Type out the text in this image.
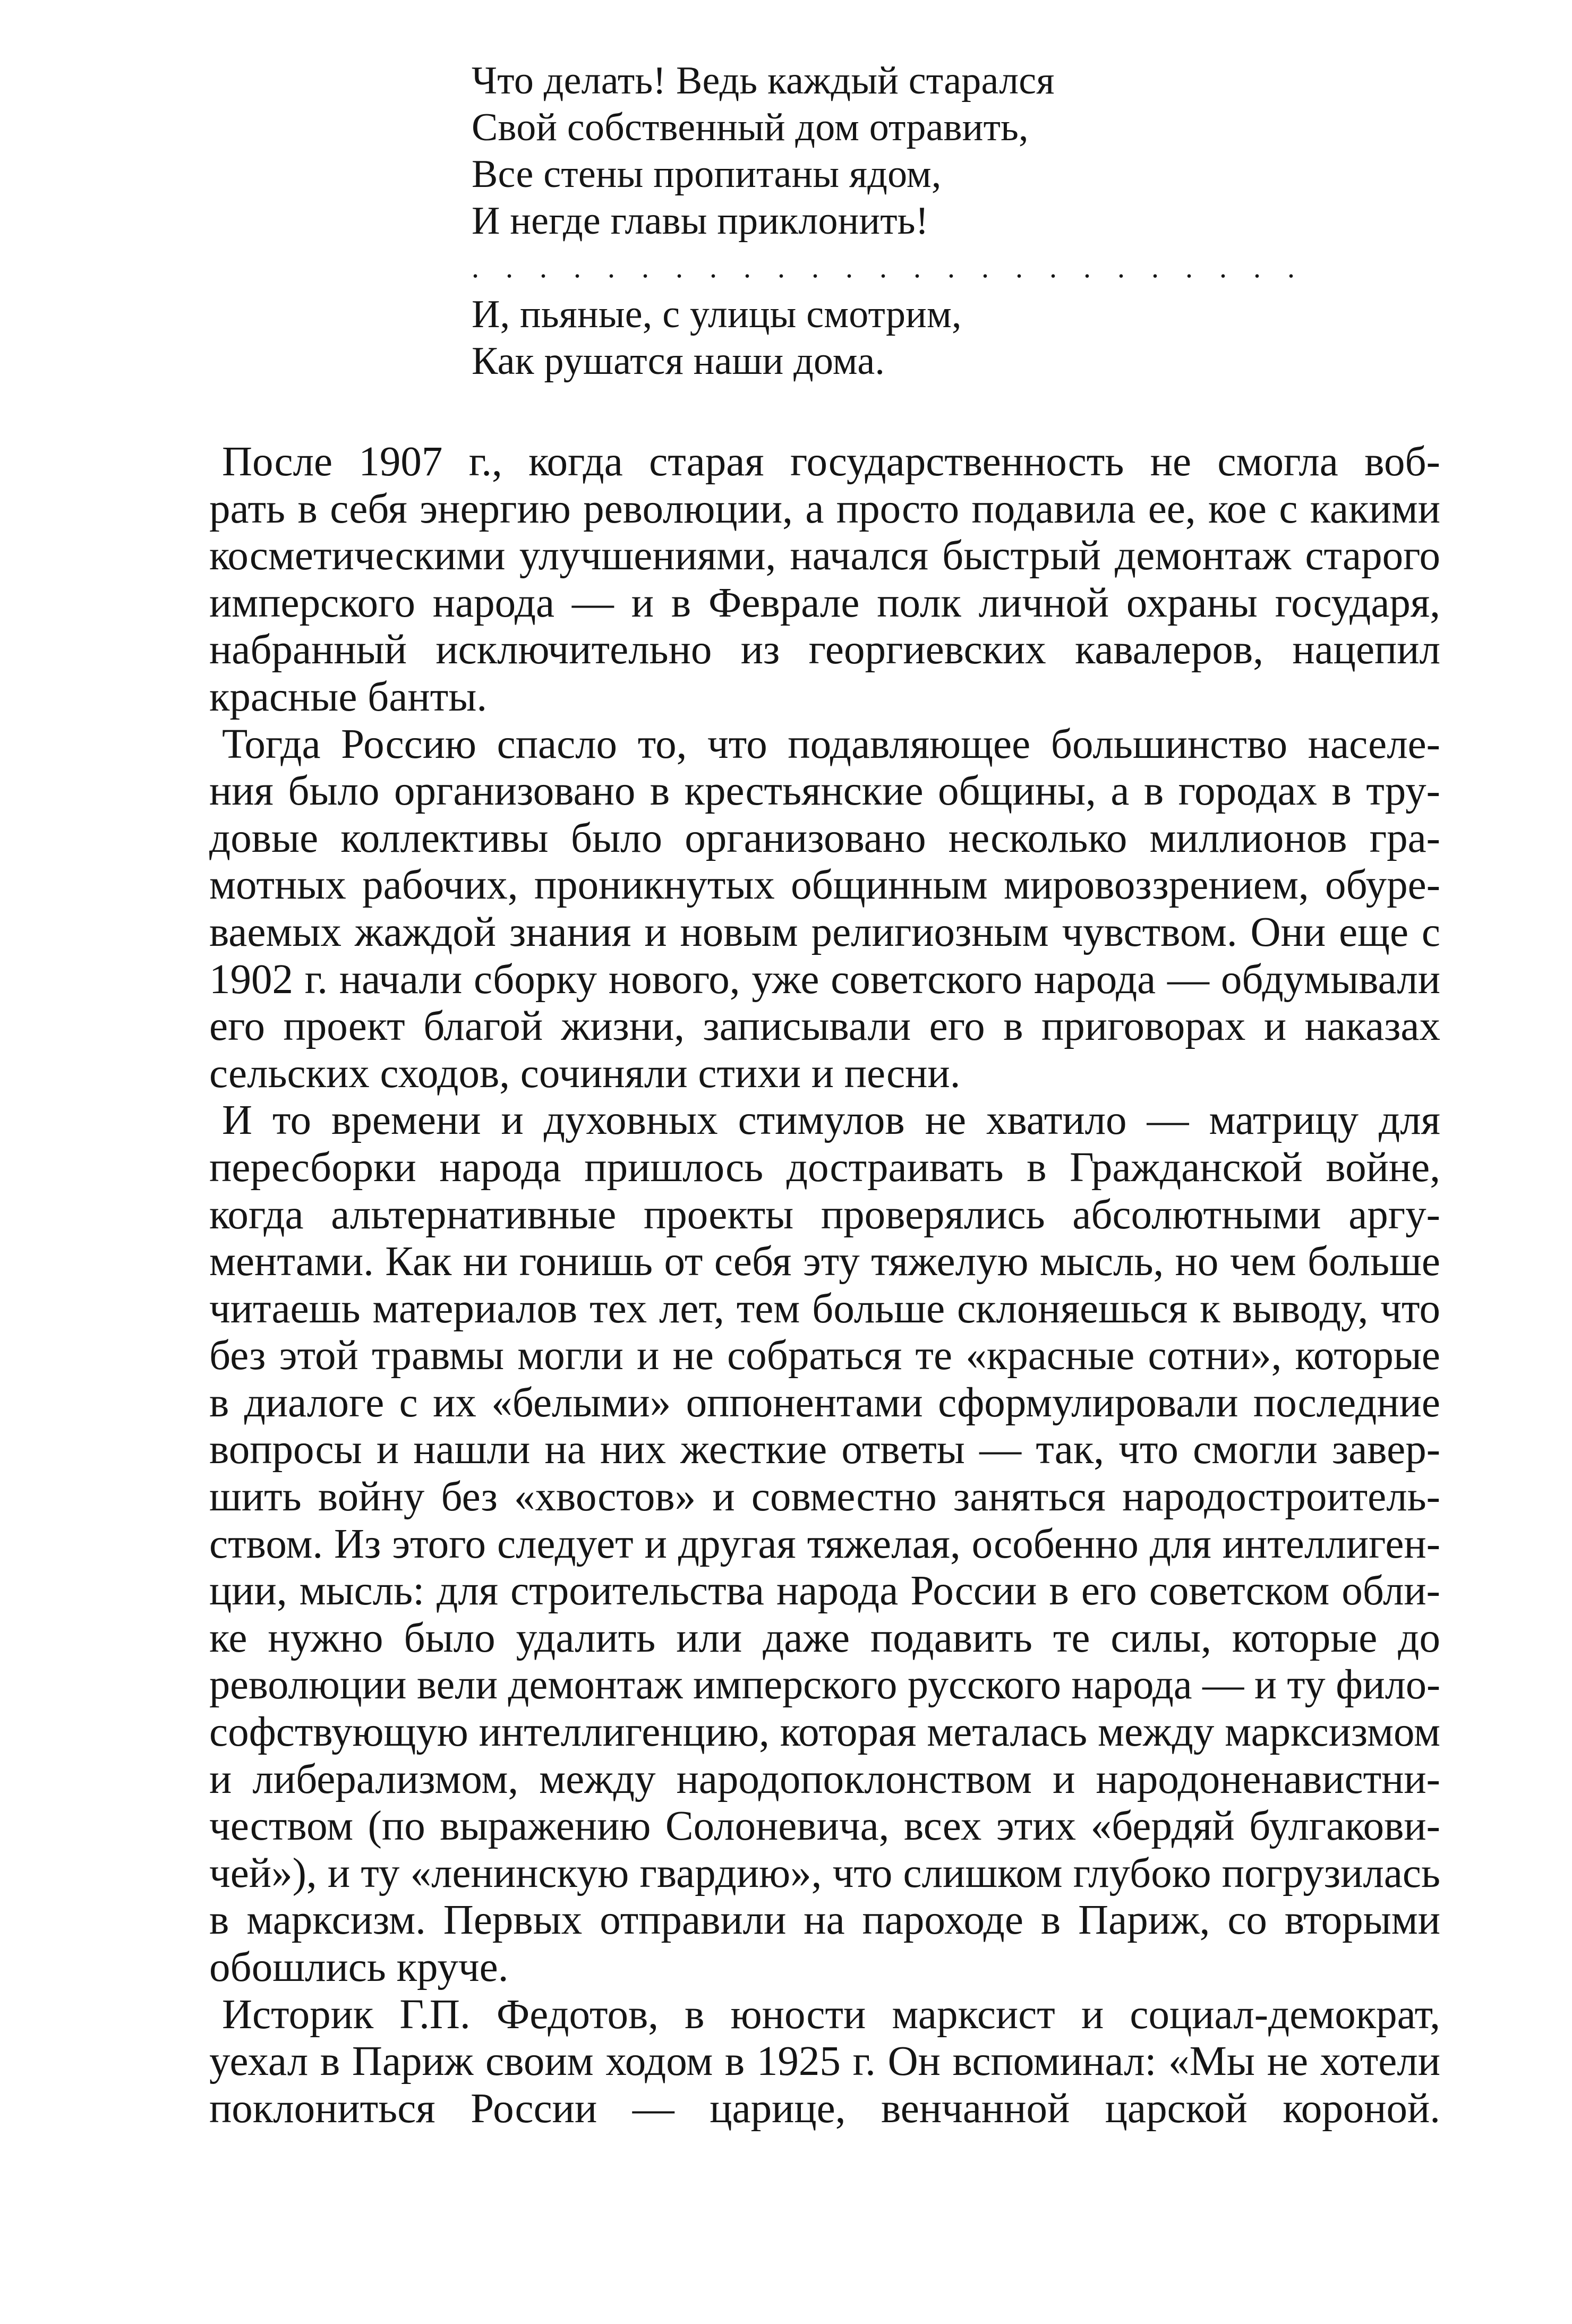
Что делать! Ведь каждый старался
Свой собственный дом отравить,
Все стены пропитаны ядом,
И негде главы приклонить!
. . . . . . . . . . . . . . . . . . . . . . . . .
И, пьяные, с улицы смотрим,
Как рушатся наши дома.

После 1907 г., когда старая государственность не смогла воб-
рать в себя энергию революции, а просто подавила ее, кое с какими
косметическими улучшениями, начался быстрый демонтаж старого
имперского народа — и в Феврале полк личной охраны государя,
набранный исключительно из георгиевских кавалеров, нацепил
красные банты.

Тогда Россию спасло то, что подавляющее большинство населе-
ния было организовано в крестьянские общины, а в городах в тру-
довые коллективы было организовано несколько миллионов гра-
мотных рабочих, проникнутых общинным мировоззрением, обуре-
ваемых жаждой знания и новым религиозным чувством. Они еще с
1902 г. начали сборку нового, уже советского народа — обдумывали
его проект благой жизни, записывали его в приговорах и наказах
сельских сходов, сочиняли стихи и песни.

И то времени и духовных стимулов не хватило — матрицу для
пересборки народа пришлось достраивать в Гражданской войне,
когда альтернативные проекты проверялись абсолютными аргу-
ментами. Как ни гонишь от себя эту тяжелую мысль, но чем больше
читаешь материалов тех лет, тем больше склоняешься к выводу, что
без этой травмы могли и не собраться те «красные сотни», которые
в диалоге с их «белыми» оппонентами сформулировали последние
вопросы и нашли на них жесткие ответы — так, что смогли завер-
шить войну без «хвостов» и совместно заняться народостроитель-
ством. Из этого следует и другая тяжелая, особенно для интеллиген-
ции, мысль: для строительства народа России в его советском обли-
ке нужно было удалить или даже подавить те силы, которые до
революции вели демонтаж имперского русского народа — и ту фило-
софствующую интеллигенцию, которая металась между марксизмом
и либерализмом, между народопоклонством и народоненавистни-
чеством (по выражению Солоневича, всех этих «бердяй булгакови-
чей»), и ту «ленинскую гвардию», что слишком глубоко погрузилась
в марксизм. Первых отправили на пароходе в Париж, со вторыми
обошлись круче.

Историк Г.П. Федотов, в юности марксист и социал-демократ,
уехал в Париж своим ходом в 1925 г. Он вспоминал: «Мы не хотели
поклониться России — царице, венчанной царской короной.
